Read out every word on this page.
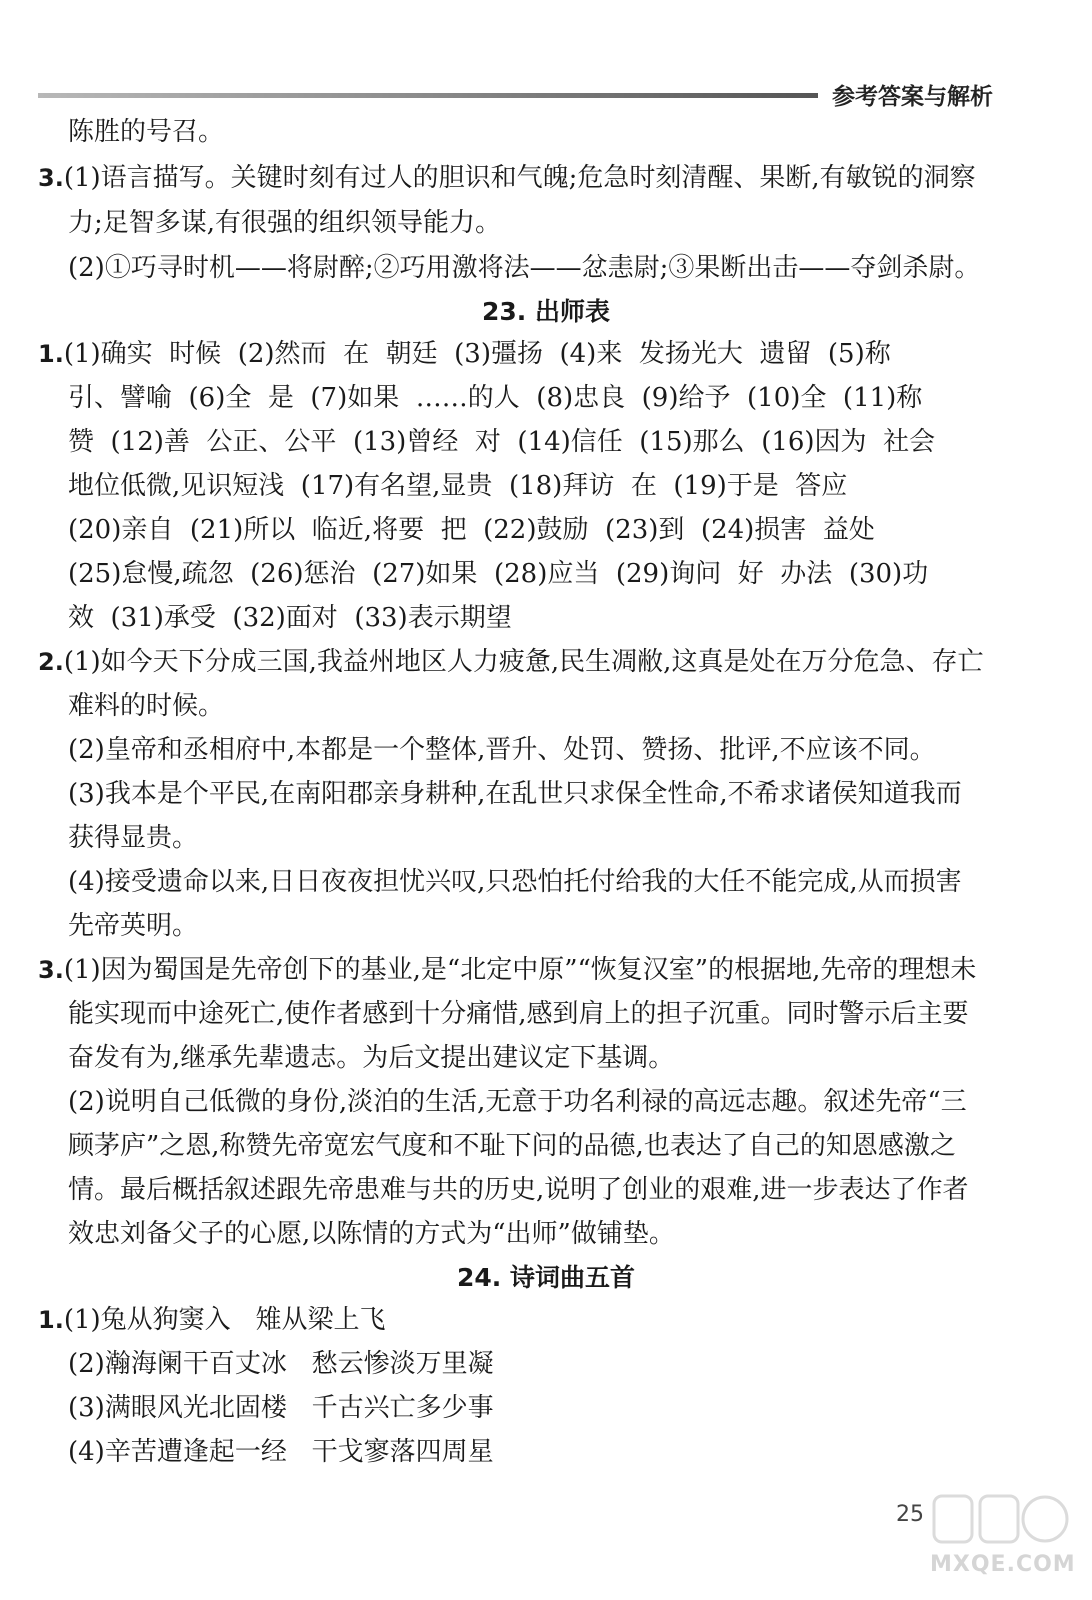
参考答案与解析
陈胜的号召。
3.(1)语言描写。关键时刻有过人的胆识和气魄;危急时刻清醒、果断,有敏锐的洞察
力;足智多谋,有很强的组织领导能力。
(2)①巧寻时机——将尉醉;②巧用激将法——忿恚尉;③果断出击——夺剑杀尉。
1.(1)确实  时候  (2)然而  在  朝廷  (3)彊扬  (4)来  发扬光大  遗留  (5)称
引、譬喻  (6)全  是  (7)如果  ……的人  (8)忠良  (9)给予  (10)全  (11)称
赞  (12)善  公正、公平  (13)曾经  对  (14)信任  (15)那么  (16)因为  社会
地位低微,见识短浅  (17)有名望,显贵  (18)拜访  在  (19)于是  答应
(20)亲自  (21)所以  临近,将要  把  (22)鼓励  (23)到  (24)损害  益处
(25)怠慢,疏忽  (26)惩治  (27)如果  (28)应当  (29)询问  好  办法  (30)功
效  (31)承受  (32)面对  (33)表示期望
2.(1)如今天下分成三国,我益州地区人力疲惫,民生凋敝,这真是处在万分危急、存亡
难料的时候。
(2)皇帝和丞相府中,本都是一个整体,晋升、处罚、赞扬、批评,不应该不同。
(3)我本是个平民,在南阳郡亲身耕种,在乱世只求保全性命,不希求诸侯知道我而
获得显贵。
(4)接受遗命以来,日日夜夜担忧兴叹,只恐怕托付给我的大任不能完成,从而损害
先帝英明。
3.(1)因为蜀国是先帝创下的基业,是“北定中原”“恢复汉室”的根据地,先帝的理想未
能实现而中途死亡,使作者感到十分痛惜,感到肩上的担子沉重。同时警示后主要
奋发有为,继承先辈遗志。为后文提出建议定下基调。
(2)说明自己低微的身份,淡泊的生活,无意于功名利禄的高远志趣。叙述先帝“三
顾茅庐”之恩,称赞先帝宽宏气度和不耻下问的品德,也表达了自己的知恩感激之
情。最后概括叙述跟先帝患难与共的历史,说明了创业的艰难,进一步表达了作者
效忠刘备父子的心愿,以陈情的方式为“出师”做铺垫。
1.(1)兔从狗窦入   雉从梁上飞
(2)瀚海阑干百丈冰   愁云惨淡万里凝
(3)满眼风光北固楼   千古兴亡多少事
(4)辛苦遭逢起一经   干戈寥落四周星
23. 出师表
24. 诗词曲五首
25
MXQE.COM
